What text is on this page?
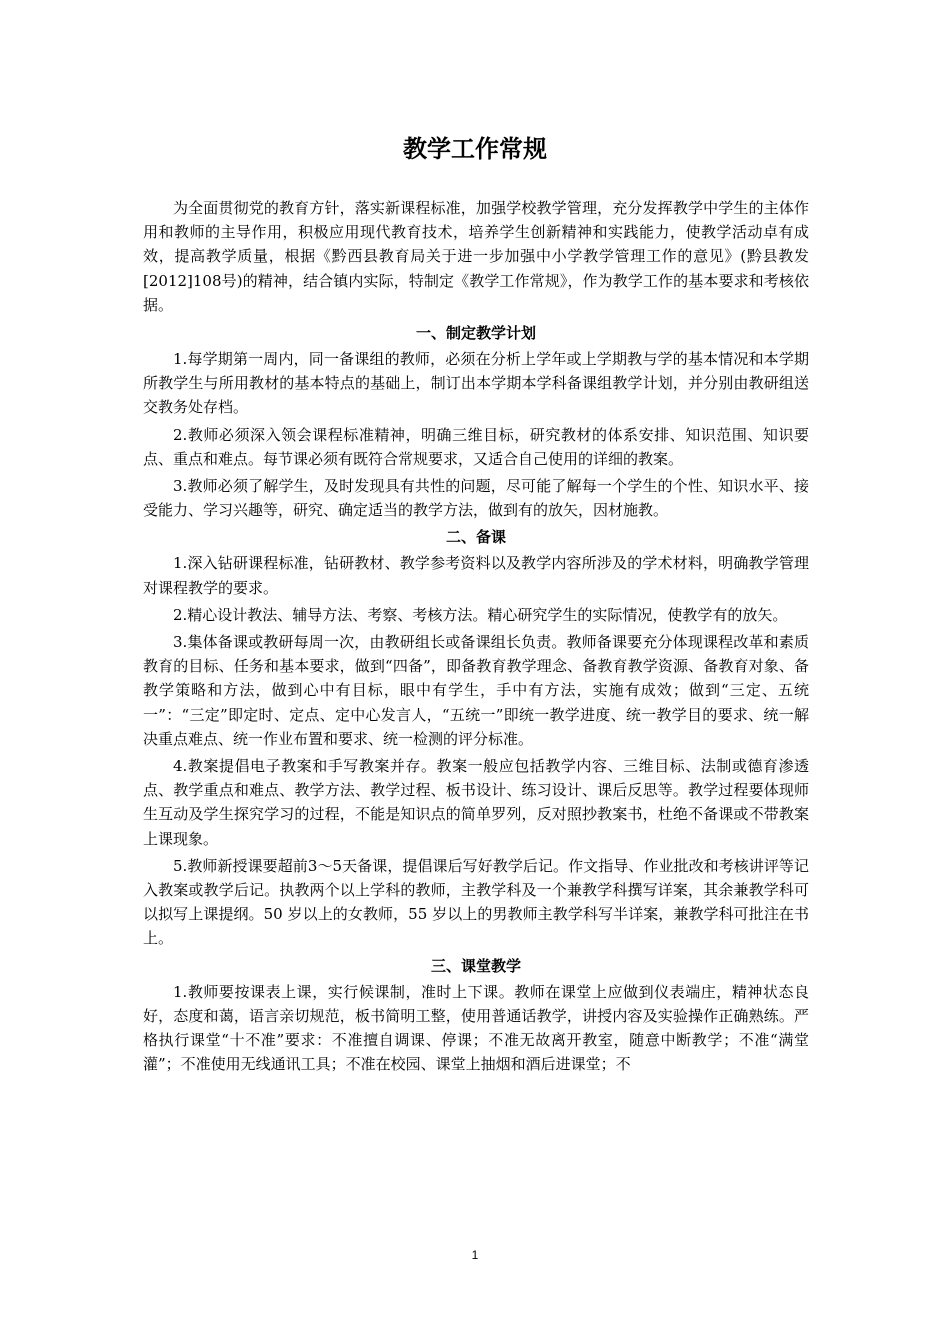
教学工作常规

为全面贯彻党的教育方针，落实新课程标准，加强学校教学管理，充分发挥教学中学生的主体作用和教师的主导作用，积极应用现代教育技术，培养学生创新精神和实践能力，使教学活动卓有成效，提高教学质量，根据《黔西县教育局关于进一步加强中小学教学管理工作的意见》(黔县教发[2012]108号)的精神，结合镇内实际，特制定《教学工作常规》，作为教学工作的基本要求和考核依据。

一、制定教学计划

1.每学期第一周内，同一备课组的教师，必须在分析上学年或上学期教与学的基本情况和本学期所教学生与所用教材的基本特点的基础上，制订出本学期本学科备课组教学计划，并分别由教研组送交教务处存档。

2.教师必须深入领会课程标准精神，明确三维目标，研究教材的体系安排、知识范围、知识要点、重点和难点。每节课必须有既符合常规要求，又适合自己使用的详细的教案。

3.教师必须了解学生，及时发现具有共性的问题，尽可能了解每一个学生的个性、知识水平、接受能力、学习兴趣等，研究、确定适当的教学方法，做到有的放矢，因材施教。

二、备课

1.深入钻研课程标准，钻研教材、教学参考资料以及教学内容所涉及的学术材料，明确教学管理对课程教学的要求。

2.精心设计教法、辅导方法、考察、考核方法。精心研究学生的实际情况，使教学有的放矢。

3.集体备课或教研每周一次，由教研组长或备课组长负责。教师备课要充分体现课程改革和素质教育的目标、任务和基本要求，做到“四备”，即备教育教学理念、备教育教学资源、备教育对象、备教学策略和方法，做到心中有目标，眼中有学生，手中有方法，实施有成效；做到“三定、五统一”：“三定”即定时、定点、定中心发言人，“五统一”即统一教学进度、统一教学目的要求、统一解决重点难点、统一作业布置和要求、统一检测的评分标准。

4.教案提倡电子教案和手写教案并存。教案一般应包括教学内容、三维目标、法制或德育渗透点、教学重点和难点、教学方法、教学过程、板书设计、练习设计、课后反思等。教学过程要体现师生互动及学生探究学习的过程，不能是知识点的简单罗列，反对照抄教案书，杜绝不备课或不带教案上课现象。

5.教师新授课要超前3～5天备课，提倡课后写好教学后记。作文指导、作业批改和考核讲评等记入教案或教学后记。执教两个以上学科的教师，主教学科及一个兼教学科撰写详案，其余兼教学科可以拟写上课提纲。50 岁以上的女教师，55 岁以上的男教师主教学科写半详案，兼教学科可批注在书上。

三、课堂教学

1.教师要按课表上课，实行候课制，准时上下课。教师在课堂上应做到仪表端庄，精神状态良好，态度和蔼，语言亲切规范，板书简明工整，使用普通话教学，讲授内容及实验操作正确熟练。严格执行课堂“十不准”要求：不准擅自调课、停课；不准无故离开教室，随意中断教学；不准“满堂灌”；不准使用无线通讯工具；不准在校园、课堂上抽烟和酒后进课堂；不

1
